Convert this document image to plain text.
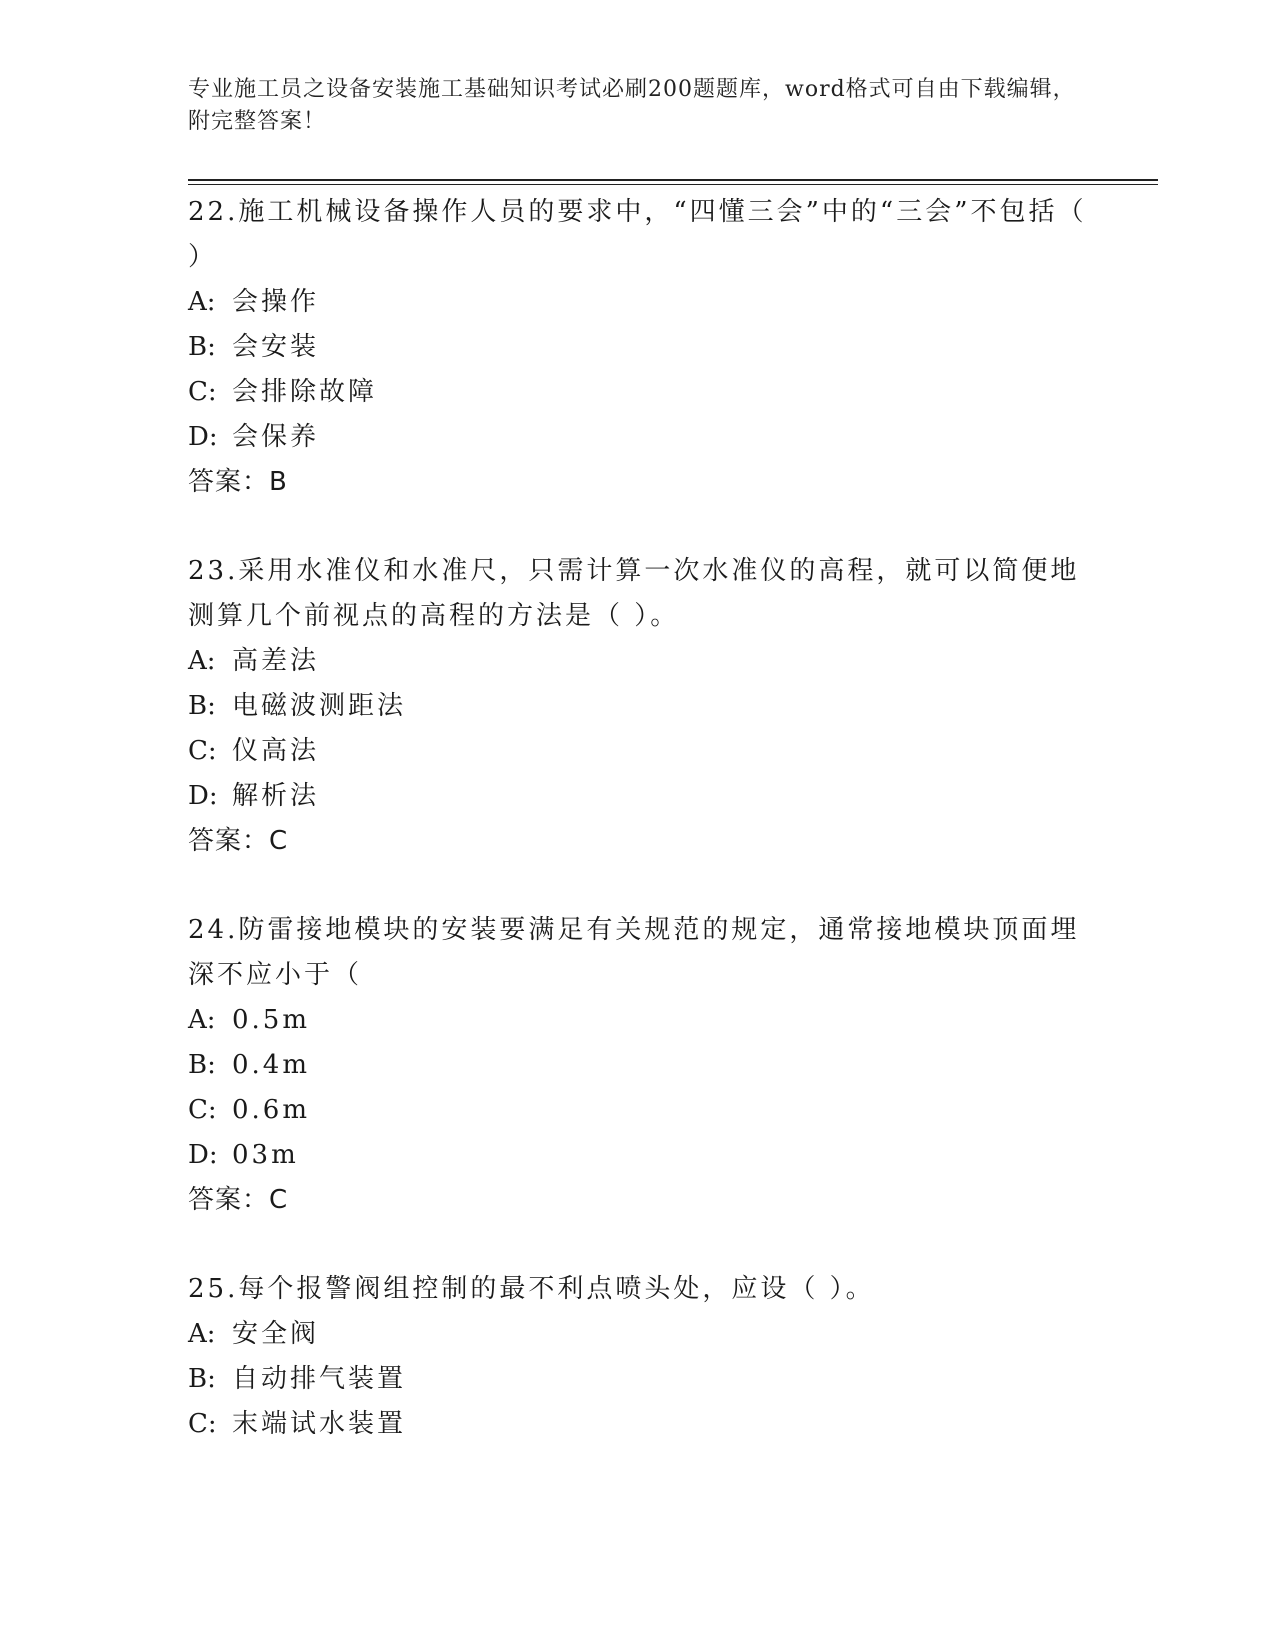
专业施工员之设备安装施工基础知识考试必刷200题题库，word格式可自由下载编辑，附完整答案！

22.施工机械设备操作人员的要求中，“四懂三会”中的“三会”不包括（ ）

A: 会操作

B: 会安装

C: 会排除故障

D: 会保养

答案：B

23.采用水准仪和水准尺，只需计算一次水准仪的高程，就可以简便地测算几个前视点的高程的方法是（ ）。

A: 高差法

B: 电磁波测距法

C: 仪高法

D: 解析法

答案：C

24.防雷接地模块的安装要满足有关规范的规定，通常接地模块顶面埋深不应小于（

A: 0.5m

B: 0.4m

C: 0.6m

D: 03m

答案：C

25.每个报警阀组控制的最不利点喷头处，应设（ ）。

A: 安全阀

B: 自动排气装置

C: 末端试水装置
